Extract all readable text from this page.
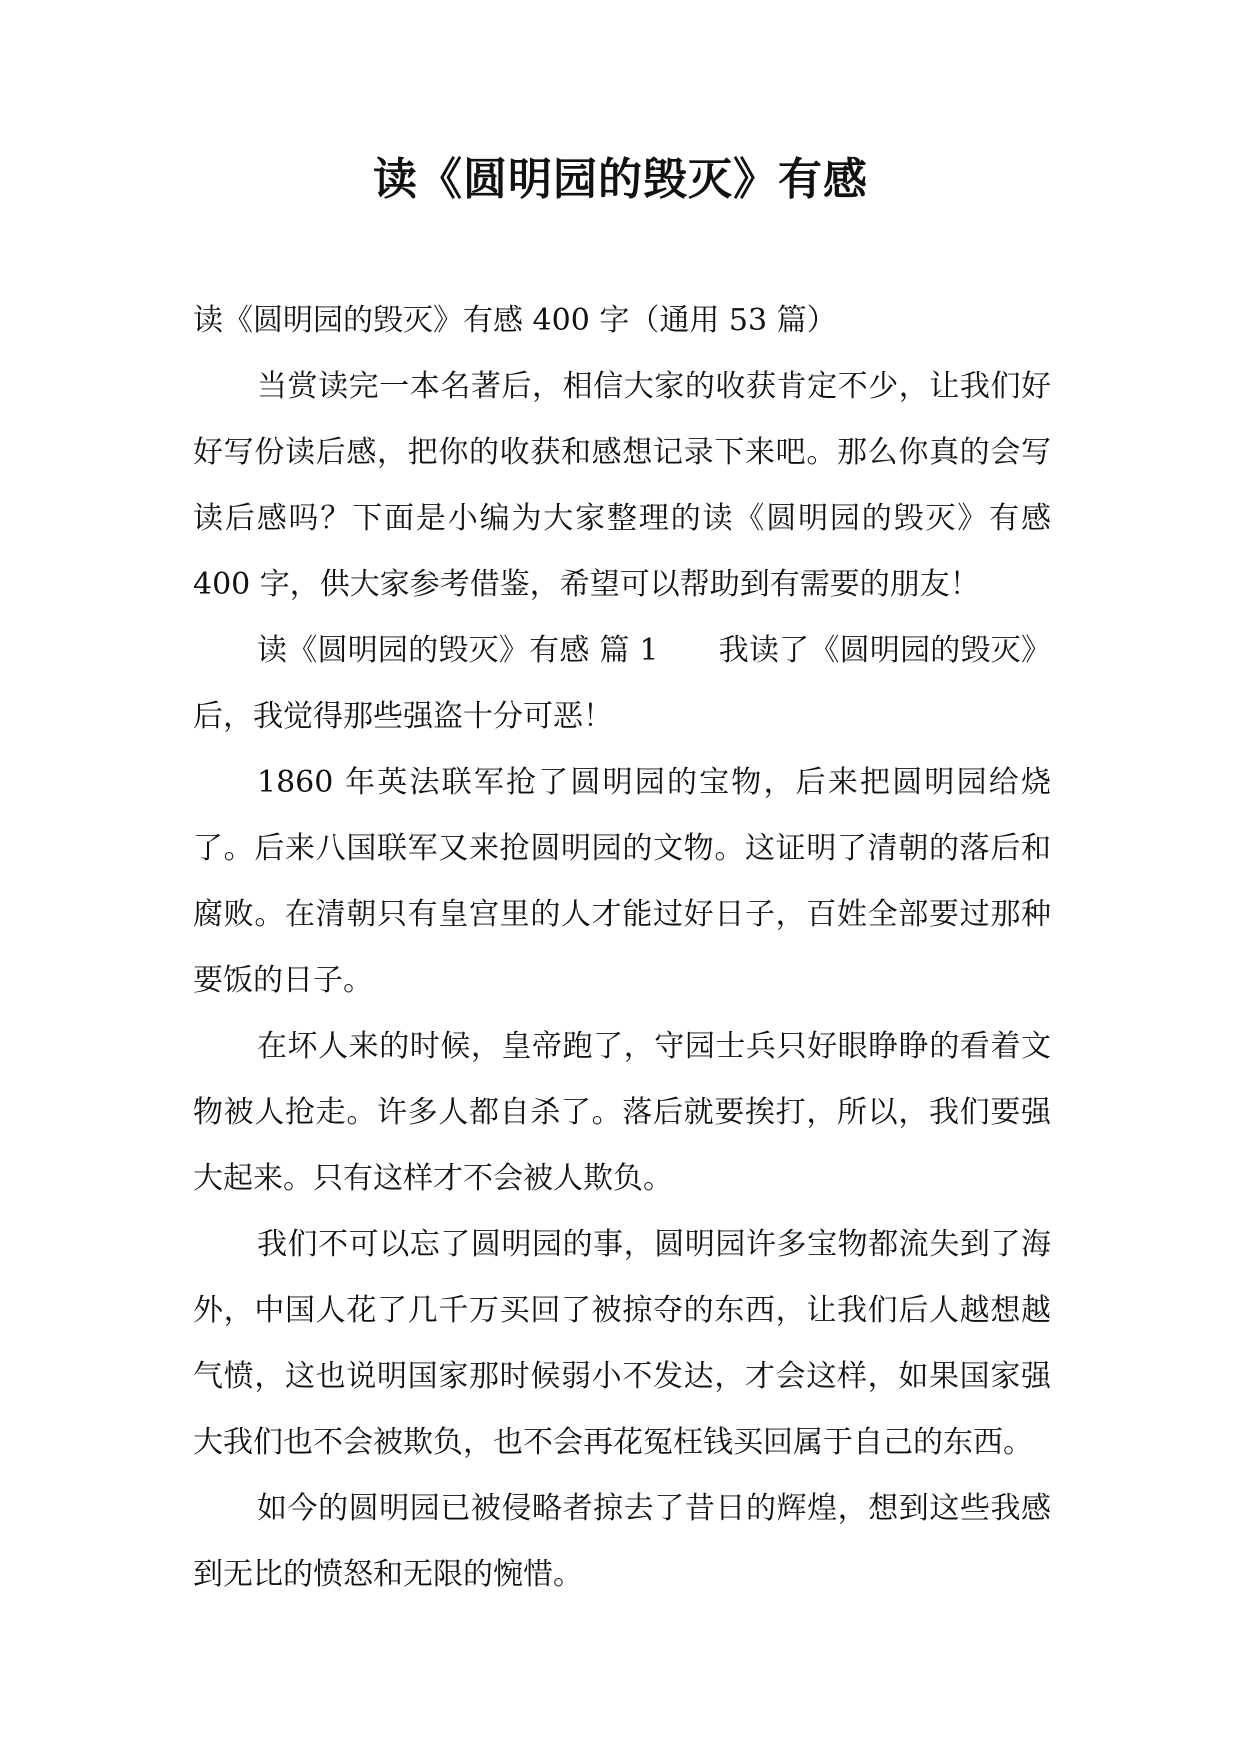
读《圆明园的毁灭》有感

读《圆明园的毁灭》有感 400 字（通用 53 篇）

当赏读完一本名著后，相信大家的收获肯定不少，让我们好好写份读后感，把你的收获和感想记录下来吧。那么你真的会写读后感吗？下面是小编为大家整理的读《圆明园的毁灭》有感 400 字，供大家参考借鉴，希望可以帮助到有需要的朋友！

读《圆明园的毁灭》有感 篇 1 我读了《圆明园的毁灭》后，我觉得那些强盗十分可恶！

1860 年英法联军抢了圆明园的宝物，后来把圆明园给烧了。后来八国联军又来抢圆明园的文物。这证明了清朝的落后和腐败。在清朝只有皇宫里的人才能过好日子，百姓全部要过那种要饭的日子。

在坏人来的时候，皇帝跑了，守园士兵只好眼睁睁的看着文物被人抢走。许多人都自杀了。落后就要挨打，所以，我们要强大起来。只有这样才不会被人欺负。

我们不可以忘了圆明园的事，圆明园许多宝物都流失到了海外，中国人花了几千万买回了被掠夺的东西，让我们后人越想越气愤，这也说明国家那时候弱小不发达，才会这样，如果国家强大我们也不会被欺负，也不会再花冤枉钱买回属于自己的东西。

如今的圆明园已被侵略者掠去了昔日的辉煌，想到这些我感到无比的愤怒和无限的惋惜。
